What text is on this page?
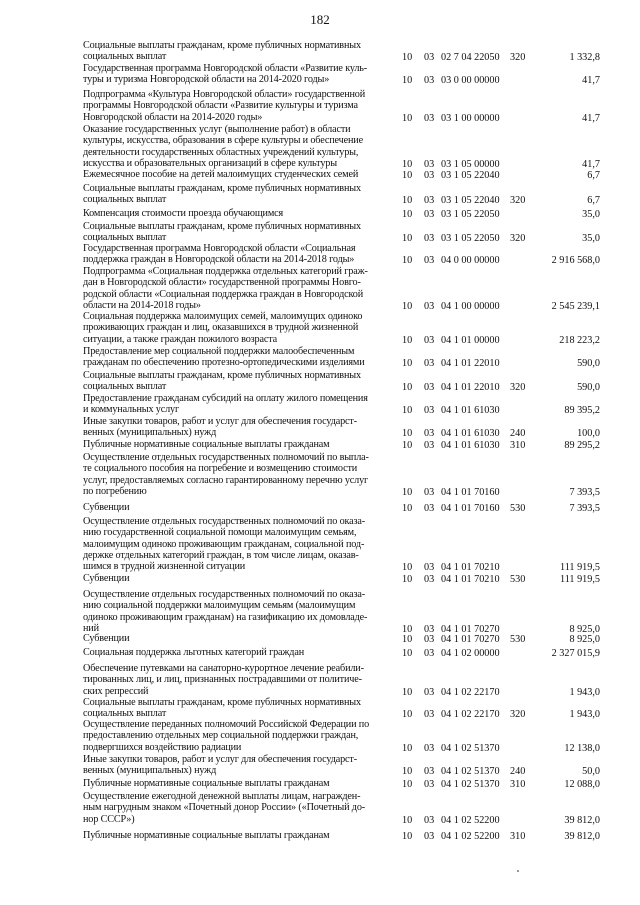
182
Социальные выплаты гражданам, кроме публичных нормативных
социальных выплат	10 03 02 7 04 22050 320	1 332,8
Государственная программа Новгородской области «Развитие куль-
туры и туризма Новгородской области на 2014-2020 годы»	10 03 03 0 00 00000	41,7
Подпрограмма «Культура Новгородской области» государственной
программы Новгородской области «Развитие культуры и туризма
Новгородской области на 2014-2020 годы»	10 03 03 1 00 00000	41,7
Оказание государственных услуг (выполнение работ) в области
культуры, искусства, образования в сфере культуры и обеспечение
деятельности государственных областных учреждений культуры,
искусства и образовательных организаций в сфере культуры	10 03 03 1 05 00000	41,7
Ежемесячное пособие на детей малоимущих студенческих семей	10 03 03 1 05 22040	6,7
Социальные выплаты гражданам, кроме публичных нормативных
социальных выплат	10 03 03 1 05 22040 320	6,7
Компенсация стоимости проезда обучающимся	10 03 03 1 05 22050	35,0
Социальные выплаты гражданам, кроме публичных нормативных
социальных выплат	10 03 03 1 05 22050 320	35,0
Государственная программа Новгородской области «Социальная
поддержка граждан в Новгородской области на 2014-2018 годы»	10 03 04 0 00 00000	2 916 568,0
Подпрограмма «Социальная поддержка отдельных категорий граж-
дан в Новгородской области» государственной программы Новго-
родской области «Социальная поддержка граждан в Новгородской
области на 2014-2018 годы»	10 03 04 1 00 00000	2 545 239,1
Социальная поддержка малоимущих семей, малоимущих одиноко
проживающих граждан и лиц, оказавшихся в трудной жизненной
ситуации, а также граждан пожилого возраста	10 03 04 1 01 00000	218 223,2
Предоставление мер социальной поддержки малообеспеченным
гражданам по обеспечению протезно-ортопедическими изделиями	10 03 04 1 01 22010	590,0
Социальные выплаты гражданам, кроме публичных нормативных
социальных выплат	10 03 04 1 01 22010 320	590,0
Предоставление гражданам субсидий на оплату жилого помещения
и коммунальных услуг	10 03 04 1 01 61030	89 395,2
Иные закупки товаров, работ и услуг для обеспечения государст-
венных (муниципальных) нужд	10 03 04 1 01 61030 240	100,0
Публичные нормативные социальные выплаты гражданам	10 03 04 1 01 61030 310	89 295,2
Осуществление отдельных государственных полномочий по выпла-
те социального пособия на погребение и возмещению стоимости
услуг, предоставляемых согласно гарантированному перечню услуг
по погребению	10 03 04 1 01 70160	7 393,5
Субвенции	10 03 04 1 01 70160 530	7 393,5
Осуществление отдельных государственных полномочий по оказа-
нию государственной социальной помощи малоимущим семьям,
малоимущим одиноко проживающим гражданам, социальной под-
держке отдельных категорий граждан, в том числе лицам, оказав-
шимся в трудной жизненной ситуации	10 03 04 1 01 70210	111 919,5
Субвенции	10 03 04 1 01 70210 530	111 919,5
Осуществление отдельных государственных полномочий по оказа-
нию социальной поддержки малоимущим семьям (малоимущим
одиноко проживающим гражданам) на газификацию их домовладе-
ний	10 03 04 1 01 70270	8 925,0
Субвенции	10 03 04 1 01 70270 530	8 925,0
Социальная поддержка льготных категорий граждан	10 03 04 1 02 00000	2 327 015,9
Обеспечение путевками на санаторно-курортное лечение реабили-
тированных лиц, и лиц, признанных пострадавшими от политиче-
ских репрессий	10 03 04 1 02 22170	1 943,0
Социальные выплаты гражданам, кроме публичных нормативных
социальных выплат	10 03 04 1 02 22170 320	1 943,0
Осуществление переданных полномочий Российской Федерации по
предоставлению отдельных мер социальной поддержки граждан,
подвергшихся воздействию радиации	10 03 04 1 02 51370	12 138,0
Иные закупки товаров, работ и услуг для обеспечения государст-
венных (муниципальных) нужд	10 03 04 1 02 51370 240	50,0
Публичные нормативные социальные выплаты гражданам	10 03 04 1 02 51370 310	12 088,0
Осуществление ежегодной денежной выплаты лицам, награжден-
ным нагрудным знаком «Почетный донор России» («Почетный до-
нор СССР»)	10 03 04 1 02 52200	39 812,0
Публичные нормативные социальные выплаты гражданам	10 03 04 1 02 52200 310	39 812,0
